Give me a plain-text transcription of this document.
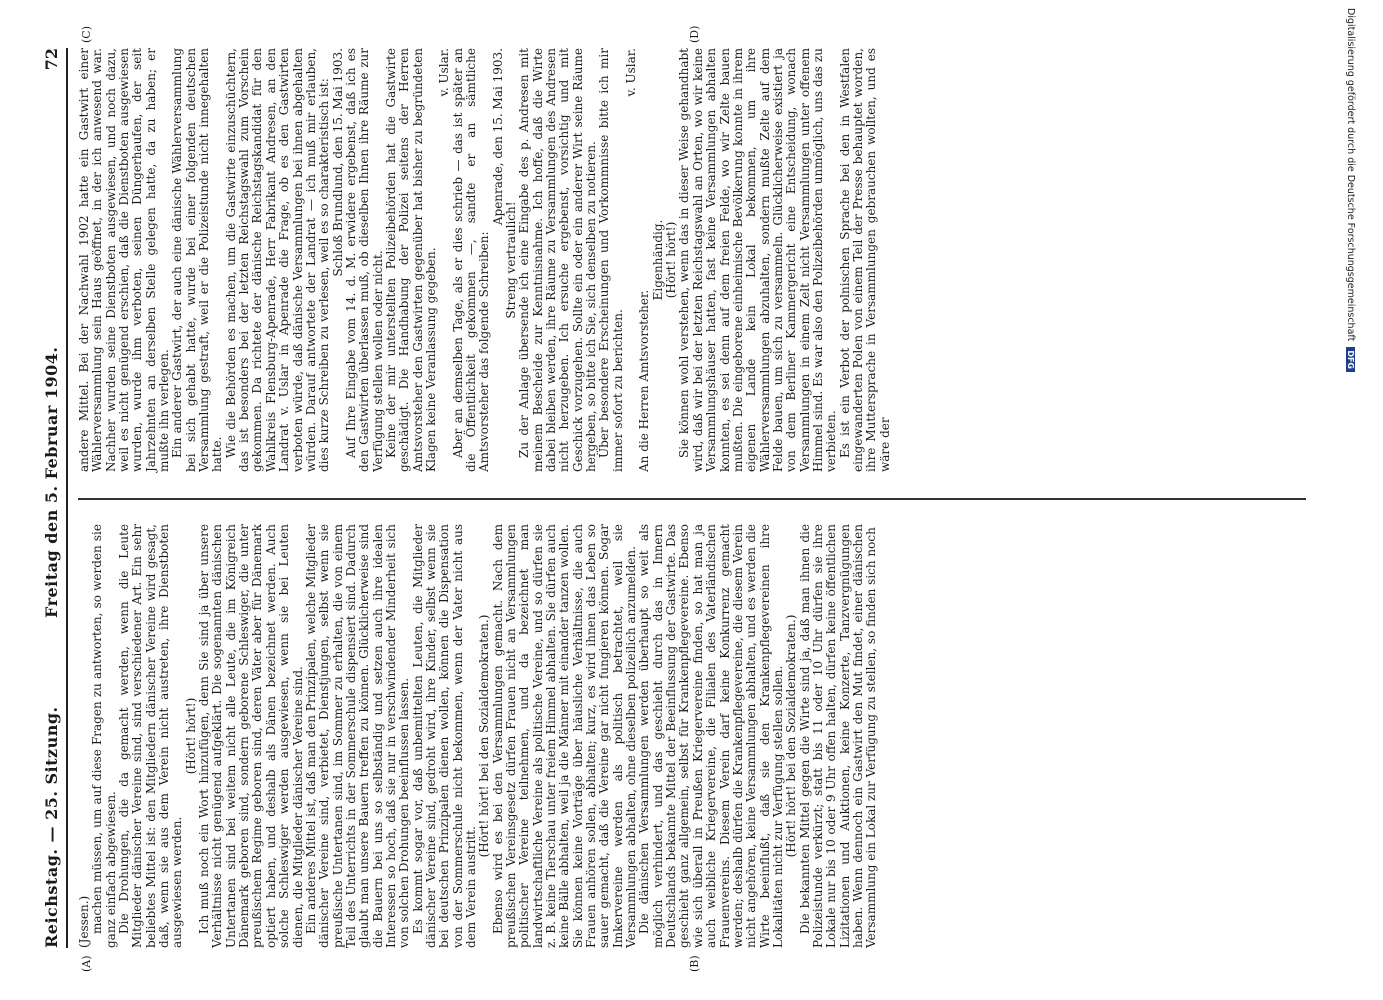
Reichstag. — 25. Sitzung.
Freitag den 5. Februar 1904.
72
(A)	(B)
(C)	(D)

(Jessen.) machen müssen, um auf diese Fragen zu antworten, so werden sie ganz einfach abgewiesen. Die Drohungen, die da gemacht werden, wenn die Leute Mitglieder dänischer Vereine sind, sind verschiedener Art. Ein sehr beliebtes Mittel ist: den Mitgliedern dänischer Vereine wird gesagt, daß, wenn sie aus dem Verein nicht austreten, ihre Dienstboten ausgewiesen werden.

(Hört! hört!) Ich muß noch ein Wort hinzufügen, denn Sie sind ja über unsere Verhältnisse nicht genügend aufgeklärt. Die sogenannten dänischen Untertanen sind bei weitem nicht alle Leute, die im Königreich Dänemark geboren sind, sondern geborene Schleswiger, die unter preußischem Regime geboren sind, deren Väter aber für Dänemark optiert haben, und deshalb als Dänen bezeichnet werden. Auch solche Schleswiger werden ausgewiesen, wenn sie bei Leuten dienen, die Mitglieder dänischer Vereine sind. Ein anderes Mittel ist, daß man den Prinzipalen, welche Mitglieder dänischer Vereine sind, verbietet, Dienstjungen, selbst wenn sie preußische Untertanen sind, im Sommer zu erhalten, die von einem Teil des Unterrichts in der Sommerschule dispensiert sind. Dadurch glaubt man unsere Bauern treffen zu können. Glücklicherweise sind die Bauern bei uns so selbständig und setzen auch ihre idealen Interessen so hoch, daß sie nur in verschwindender Minderheit sich von solchen Drohungen beeinflussen lassen. Es kommt sogar vor, daß unbemittelten Leuten, die Mitglieder dänischer Vereine sind, gedroht wird, ihre Kinder, selbst wenn sie bei deutschen Prinzipalen dienen wollen, können die Dispensation von der Sommerschule nicht bekommen, wenn der Vater nicht aus dem Verein austritt.

(Hört! hört! bei den Sozialdemokraten.) Ebenso wird es bei den Versammlungen gemacht. Nach dem preußischen Vereinsgesetz dürfen Frauen nicht an Versammlungen politischer Vereine teilnehmen, und da bezeichnet man landwirtschaftliche Vereine als politische Vereine, und so dürfen sie z. B. keine Tierschau unter freiem Himmel abhalten. Sie dürfen auch keine Bälle abhalten, weil ja die Männer mit einander tanzen wollen. Sie können keine Vorträge über häusliche Verhältnisse, die auch Frauen anhören sollen, abhalten; kurz, es wird ihnen das Leben so sauer gemacht, daß die Vereine gar nicht fungieren können. Sogar Imkervereine werden als politisch betrachtet, weil sie Versammlungen abhalten, ohne dieselben polizeilich anzumelden. Die dänischen Versammlungen werden überhaupt so weit als möglich verhindert, und das geschieht durch das in Innern Deutschlands bekannte Mittel der Beeinflussung der Gastwirte. Das geschieht ganz allgemein, selbst für Krankenpflegevereine. Ebenso wie sich überall in Preußen Kriegervereine finden, so hat man ja auch weibliche Kriegervereine, die Filialen des Vaterländischen Frauenvereins. Diesem Verein darf keine Konkurrenz gemacht werden; deshalb dürfen die Krankenpflegevereine, die diesem Verein nicht angehören, keine Versammlungen abhalten, und es werden die Wirte beeinflußt, daß sie den Krankenpflegevereinen ihre Lokalitäten nicht zur Verfügung stellen sollen. (Hört! hört! bei den Sozialdemokraten.) Die bekannten Mittel gegen die Wirte sind ja, daß man ihnen die Polizeistunde verkürzt; statt bis 11 oder 10 Uhr dürfen sie ihre Lokale nur bis 10 oder 9 Uhr offen halten, dürfen keine öffentlichen Lizitationen und Auktionen, keine Konzerte, Tanzvergnügungen haben. Wenn dennoch ein Gastwirt den Mut findet, einer dänischen Versammlung ein Lokal zur Verfügung zu stellen, so finden sich noch

andere Mittel. Bei der Nachwahl 1902 hatte ein Gastwirt einer Wählerversammlung sein Haus geöffnet, in der ich anwesend war. Nachher wurden seine Dienstboten ausgewiesen, und noch dazu, weil es nicht genügend erschien, daß die Dienstboten ausgewiesen wurden, wurde ihm verboten, seinen Düngerhaufen, der seit Jahrzehnten an derselben Stelle gelegen hatte, da zu haben; er mußte ihn verlegen. Ein anderer Gastwirt, der auch eine dänische Wählerversammlung bei sich gehabt hatte, wurde bei einer folgenden deutschen Versammlung gestraft, weil er die Polizeistunde nicht innegehalten hatte. Wie die Behörden es machen, um die Gastwirte einzuschüchtern, das ist besonders bei der letzten Reichstagswahl zum Vorschein gekommen. Da richtete der dänische Reichstagskandidat für den Wahlkreis Flensburg-Apenrade, Herr Fabrikant Andresen, an den Landrat v. Uslar in Apenrade die Frage, ob es den Gastwirten verboten würde, daß dänische Versammlungen bei ihnen abgehalten würden. Darauf antwortete der Landrat — ich muß mir erlauben, dies kurze Schreiben zu verlesen, weil es so charakteristisch ist: Schloß Brundlund, den 15. Mai 1903. Auf Ihre Eingabe vom 14. d. M. erwidere ergebenst, daß ich es den Gastwirten überlassen muß, ob dieselben Ihnen ihre Räume zur Verfügung stellen wollen oder nicht. Keine der mir unterstellten Polizeibehörden hat die Gastwirte geschädigt. Die Handhabung der Polizei seitens der Herren Amtsvorsteher den Gastwirten gegenüber hat bisher zu begründeten Klagen keine Veranlassung gegeben.

v. Uslar. Aber an demselben Tage, als er dies schrieb — das ist später an die Öffentlichkeit gekommen —, sandte er an sämtliche Amtsvorsteher das folgende Schreiben:

Apenrade, den 15. Mai 1903.

Streng vertraulich! Zu der Anlage übersende ich eine Eingabe des p. Andresen mit meinem Bescheide zur Kenntnisnahme. Ich hoffe, daß die Wirte dabei bleiben werden, ihre Räume zu Versammlungen des Andresen nicht herzugeben. Ich ersuche ergebenst, vorsichtig und mit Geschick vorzugehen. Sollte ein oder ein anderer Wirt seine Räume hergeben, so bitte ich Sie, sich denselben zu notieren. Über besondere Erscheinungen und Vorkommnisse bitte ich mir immer sofort zu berichten.

v. Uslar.

An die Herren Amtsvorsteher.

Eigenhändig. (Hört! hört!) Sie können wohl verstehen, wenn das in dieser Weise gehandhabt wird, daß wir bei der letzten Reichstagswahl an Orten, wo wir keine Versammlungshäuser hatten, fast keine Versammlungen abhalten konnten, es sei denn auf dem freien Felde, wo wir Zelte bauen mußten. Die eingeborene einheimische Bevölkerung konnte in ihrem eigenen Lande kein Lokal bekommen, um ihre Wählerversammlungen abzuhalten, sondern mußte Zelte auf dem Felde bauen, um sich zu versammeln. Glücklicherweise existiert ja von dem Berliner Kammergericht eine Entscheidung, wonach Versammlungen in einem Zelt nicht Versammlungen unter offenem Himmel sind. Es war also den Polizeibehörden unmöglich, uns das zu verbieten. Es ist ein Verbot der polnischen Sprache bei den in Westfalen eingewanderten Polen von einem Teil der Presse behauptet worden, ihre Muttersprache in Versammlungen gebrauchen wollten, und es wäre der

Digitalisierung gefördert durch die Deutsche ForschungsgemeinschaftDFG
